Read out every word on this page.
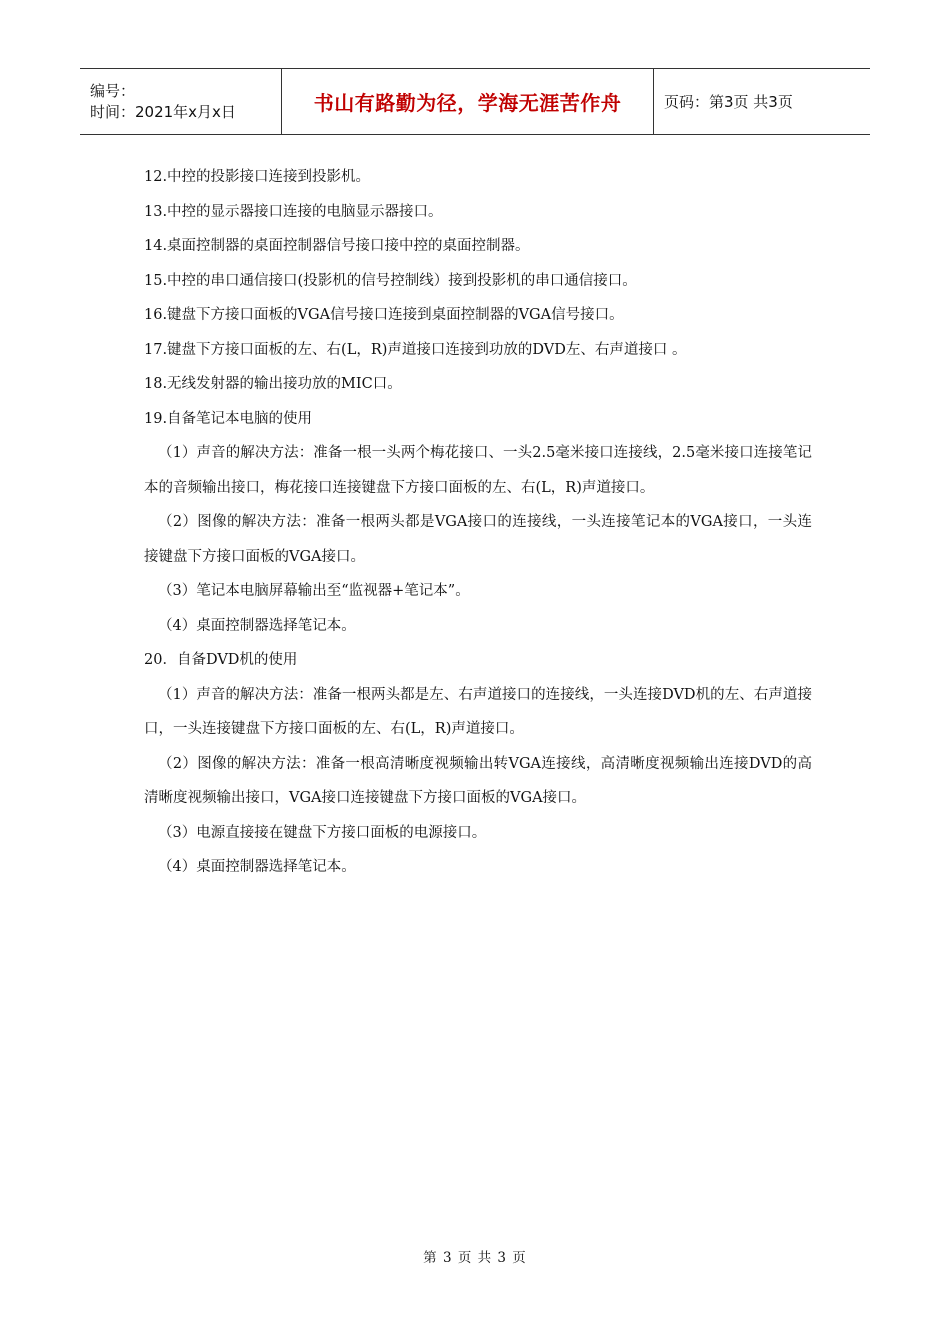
编号：
时间：2021年x月x日	书山有路勤为径，学海无涯苦作舟	页码：第3页 共3页
12.中控的投影接口连接到投影机。
13.中控的显示器接口连接的电脑显示器接口。
14.桌面控制器的桌面控制器信号接口接中控的桌面控制器。
15.中控的串口通信接口(投影机的信号控制线）接到投影机的串口通信接口。
16.键盘下方接口面板的VGA信号接口连接到桌面控制器的VGA信号接口。
17.键盘下方接口面板的左、右(L，R)声道接口连接到功放的DVD左、右声道接口 。
18.无线发射器的输出接功放的MIC口。
19.自备笔记本电脑的使用
（1）声音的解决方法：准备一根一头两个梅花接口、一头2.5毫米接口连接线，2.5毫米接口连接笔记本的音频输出接口，梅花接口连接键盘下方接口面板的左、右(L，R)声道接口。
（2）图像的解决方法：准备一根两头都是VGA接口的连接线，一头连接笔记本的VGA接口，一头连接键盘下方接口面板的VGA接口。
（3）笔记本电脑屏幕输出至“监视器+笔记本”。
（4）桌面控制器选择笔记本。
20．自备DVD机的使用
（1）声音的解决方法：准备一根两头都是左、右声道接口的连接线，一头连接DVD机的左、右声道接口，一头连接键盘下方接口面板的左、右(L，R)声道接口。
（2）图像的解决方法：准备一根高清晰度视频输出转VGA连接线，高清晰度视频输出连接DVD的高清晰度视频输出接口，VGA接口连接键盘下方接口面板的VGA接口。
（3）电源直接接在键盘下方接口面板的电源接口。
（4）桌面控制器选择笔记本。
第 3 页 共 3 页
